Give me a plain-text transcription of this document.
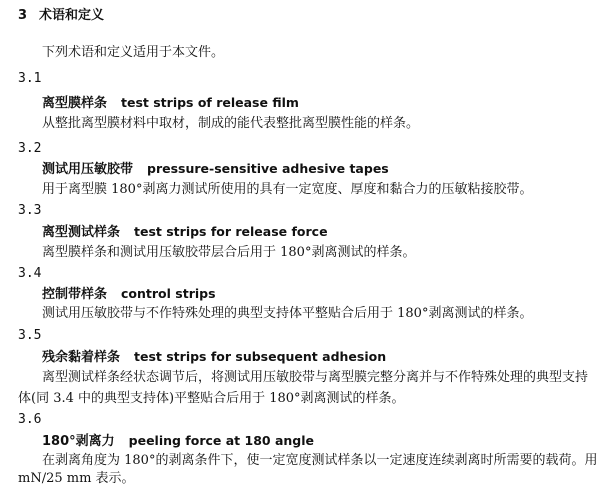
3 术语和定义
下列术语和定义适用于本文件。
3.1
离型膜样条 test strips of release film
从整批离型膜材料中取材，制成的能代表整批离型膜性能的样条。
3.2
测试用压敏胶带 pressure-sensitive adhesive tapes
用于离型膜 180°剥离力测试所使用的具有一定宽度、厚度和黏合力的压敏粘接胶带。
3.3
离型测试样条 test strips for release force
离型膜样条和测试用压敏胶带层合后用于 180°剥离测试的样条。
3.4
控制带样条 control strips
测试用压敏胶带与不作特殊处理的典型支持体平整贴合后用于 180°剥离测试的样条。
3.5
残余黏着样条 test strips for subsequent adhesion
离型测试样条经状态调节后，将测试用压敏胶带与离型膜完整分离并与不作特殊处理的典型支持
体(同 3.4 中的典型支持体)平整贴合后用于 180°剥离测试的样条。
3.6
180°剥离力 peeling force at 180 angle
在剥离角度为 180°的剥离条件下，使一定宽度测试样条以一定速度连续剥离时所需要的载荷。用
mN/25 mm 表示。
